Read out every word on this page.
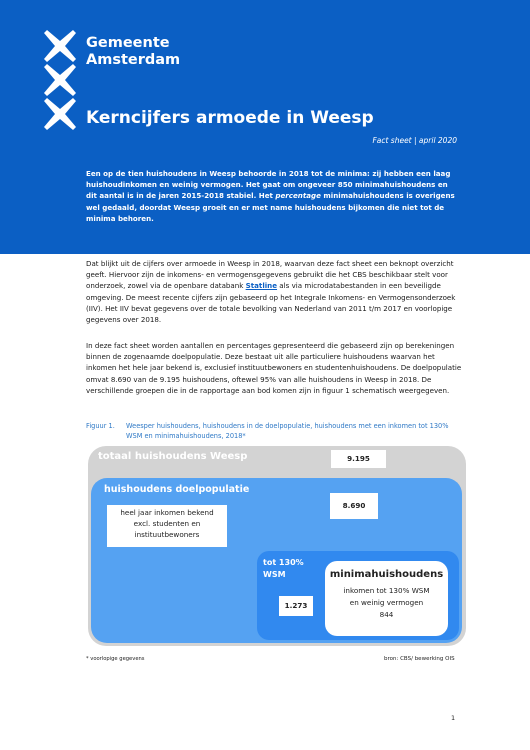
Gemeente
Amsterdam
Kerncijfers armoede in Weesp
Fact sheet | april 2020
Een op de tien huishoudens in Weesp behoorde in 2018 tot de minima: zij hebben een laag huishoudinkomen en weinig vermogen. Het gaat om ongeveer 850 minimahuishoudens en dit aantal is in de jaren 2015-2018 stabiel. Het percentage minimahuishoudens is overigens wel gedaald, doordat Weesp groeit en er met name huishoudens bijkomen die niet tot de minima behoren.
Dat blijkt uit de cijfers over armoede in Weesp in 2018, waarvan deze fact sheet een beknopt overzicht geeft. Hiervoor zijn de inkomens- en vermogensgegevens gebruikt die het CBS beschikbaar stelt voor onderzoek, zowel via de openbare databank Statline als via microdatabestanden in een beveiligde omgeving. De meest recente cijfers zijn gebaseerd op het Integrale Inkomens- en Vermogensonderzoek (IIV). Het IIV bevat gegevens over de totale bevolking van Nederland van 2011 t/m 2017 en voorlopige gegevens over 2018.
In deze fact sheet worden aantallen en percentages gepresenteerd die gebaseerd zijn op berekeningen binnen de zogenaamde doelpopulatie. Deze bestaat uit alle particuliere huishoudens waarvan het inkomen het hele jaar bekend is, exclusief instituutbewoners en studentenhuishoudens. De doelpopulatie omvat 8.690 van de 9.195 huishoudens, oftewel 95% van alle huishoudens in Weesp in 2018. De verschillende groepen die in de rapportage aan bod komen zijn in figuur 1 schematisch weergegeven.
Figuur 1. Weesper huishoudens, huishoudens in de doelpopulatie, huishoudens met een inkomen tot 130%
WSM en minimahuishoudens, 2018*
totaal huishoudens Weesp	9.195
huishoudens doelpopulatie
8.690
heel jaar inkomen bekend
excl. studenten en
instituutbewoners
tot 130%
WSM
1.273
minimahuishoudens
inkomen tot 130% WSM
en weinig vermogen
844
* voorlopige gegevens	bron: CBS/ bewerking OIS
1
